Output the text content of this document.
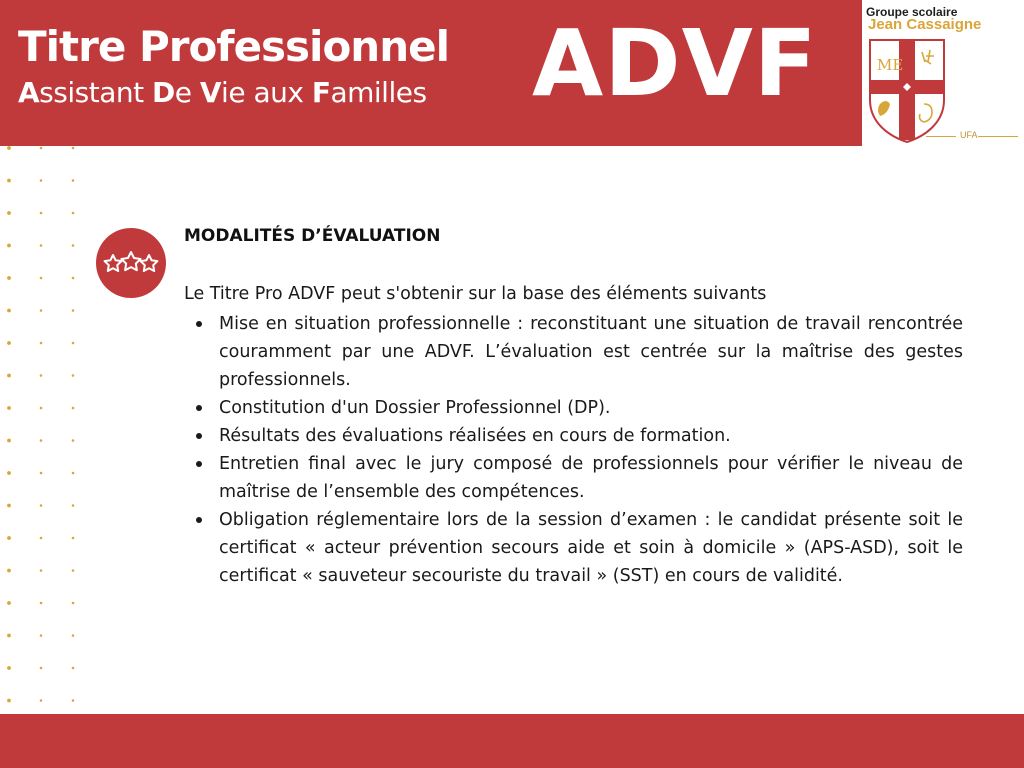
Titre Professionnel
Assistant De Vie aux Familles ADVF	Groupe scolaire
Jean Cassaigne
ME
UFA
MODALITÉS D’ÉVALUATION
Le Titre Pro ADVF peut s'obtenir sur la base des éléments suivants
Mise en situation professionnelle : reconstituant une situation de travail rencontrée couramment par une ADVF. L’évaluation est centrée sur la maîtrise des gestes professionnels.
Constitution d'un Dossier Professionnel (DP).
Résultats des évaluations réalisées en cours de formation.
Entretien final avec le jury composé de professionnels pour vérifier le niveau de maîtrise de l’ensemble des compétences.
Obligation réglementaire lors de la session d’examen : le candidat présente soit le certificat « acteur prévention secours aide et soin à domicile » (APS-ASD), soit le certificat « sauveteur secouriste du travail » (SST) en cours de validité.
